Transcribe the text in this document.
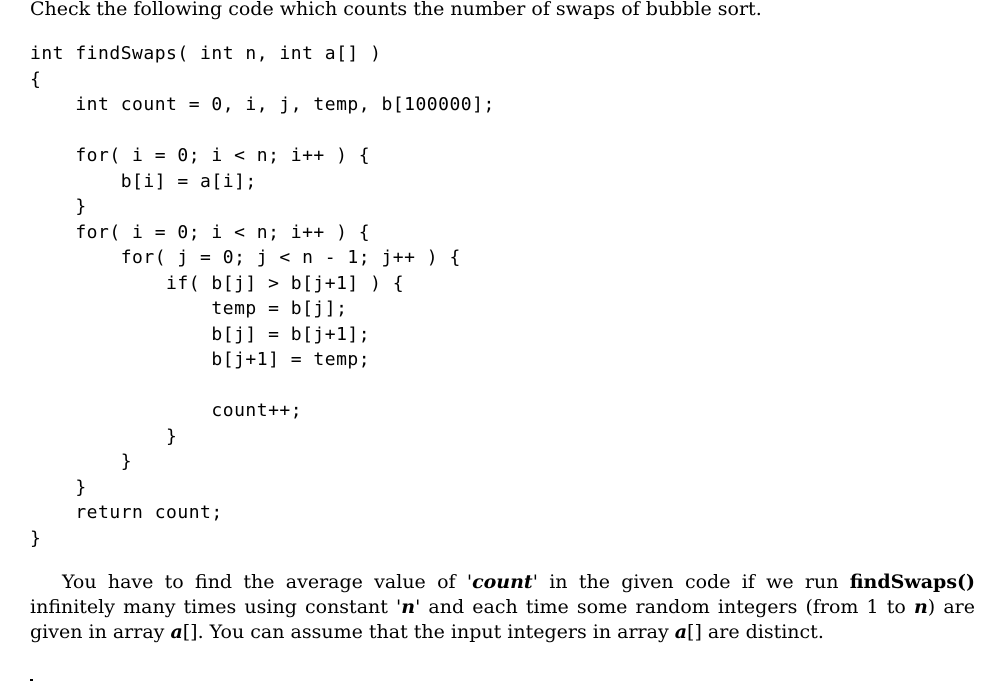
Check the following code which counts the number of swaps of bubble sort.
int findSwaps( int n, int a[] )
{
int count = 0, i, j, temp, b[100000];

for( i = 0; i < n; i++ ) {
b[i] = a[i];
}
for( i = 0; i < n; i++ ) {
for( j = 0; j < n - 1; j++ ) {
if( b[j] > b[j+1] ) {
temp = b[j];
b[j] = b[j+1];
b[j+1] = temp;

count++;
}
}
}
return count;
}
You have to find the average value of 'count' in the given code if we run findSwaps() infinitely many times using constant 'n' and each time some random integers (from 1 to n) are given in array a[]. You can assume that the input integers in array a[] are distinct.
